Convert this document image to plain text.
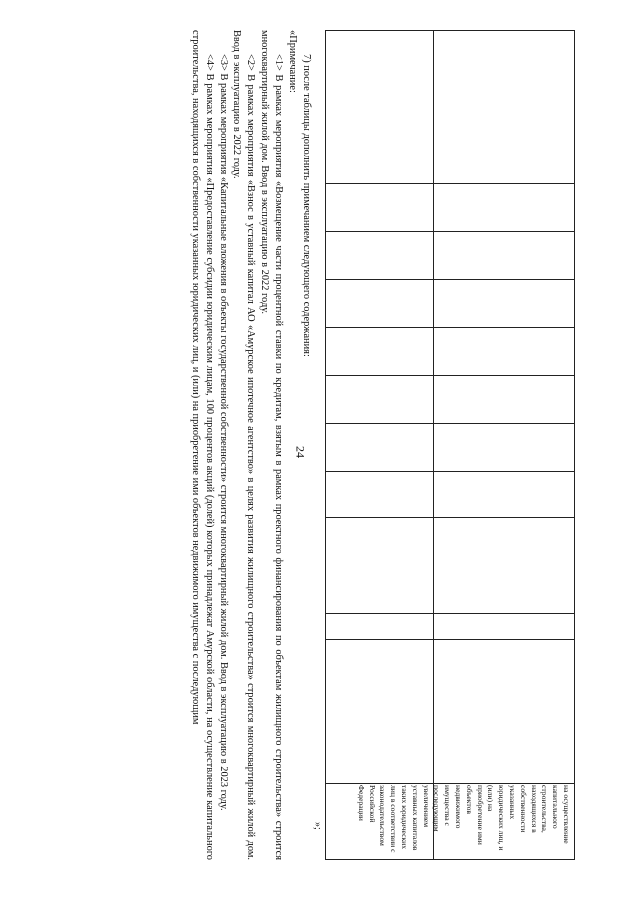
24
на осуществление
капитального
строительства,
находящихся в
собственности
указанных
юридических лиц, и
(или) на
приобретение ими
объектов
недвижимого
имущества с
последующим
увеличением
уставных капиталов
таких юридических
лиц в соответствии с
законодательством
Российской
Федерации
»;

7) после таблицы дополнить примечанием следующего содержания:

«Примечание:

<1> В рамках мероприятия «Возмещение части процентной ставки по кредитам, взятым в рамках проектного финансирования по объектам жилищного строительства» строится многоквартирный жилой дом. Ввод в эксплуатацию в 2022 году.

<2> В рамках мероприятия «Взнос в уставный капитал АО «Амурское ипотечное агентство» в целях развития жилищного строительства» строится многоквартирный жилой дом. Ввод в эксплуатацию в 2022 году.

<3> В рамках мероприятия «Капитальные вложения в объекты государственной собственности» строится многоквартирный жилой дом. Ввод в эксплуатацию в 2023 году.

<4> В рамках мероприятия «Предоставление субсидии юридическим лицам, 100 процентов акций (долей) которых принадлежат Амурской области, на осуществление капитального строительства, находящихся в собственности указанных юридических лиц, и (или) на приобретение ими объектов недвижимого имущества с последующим
